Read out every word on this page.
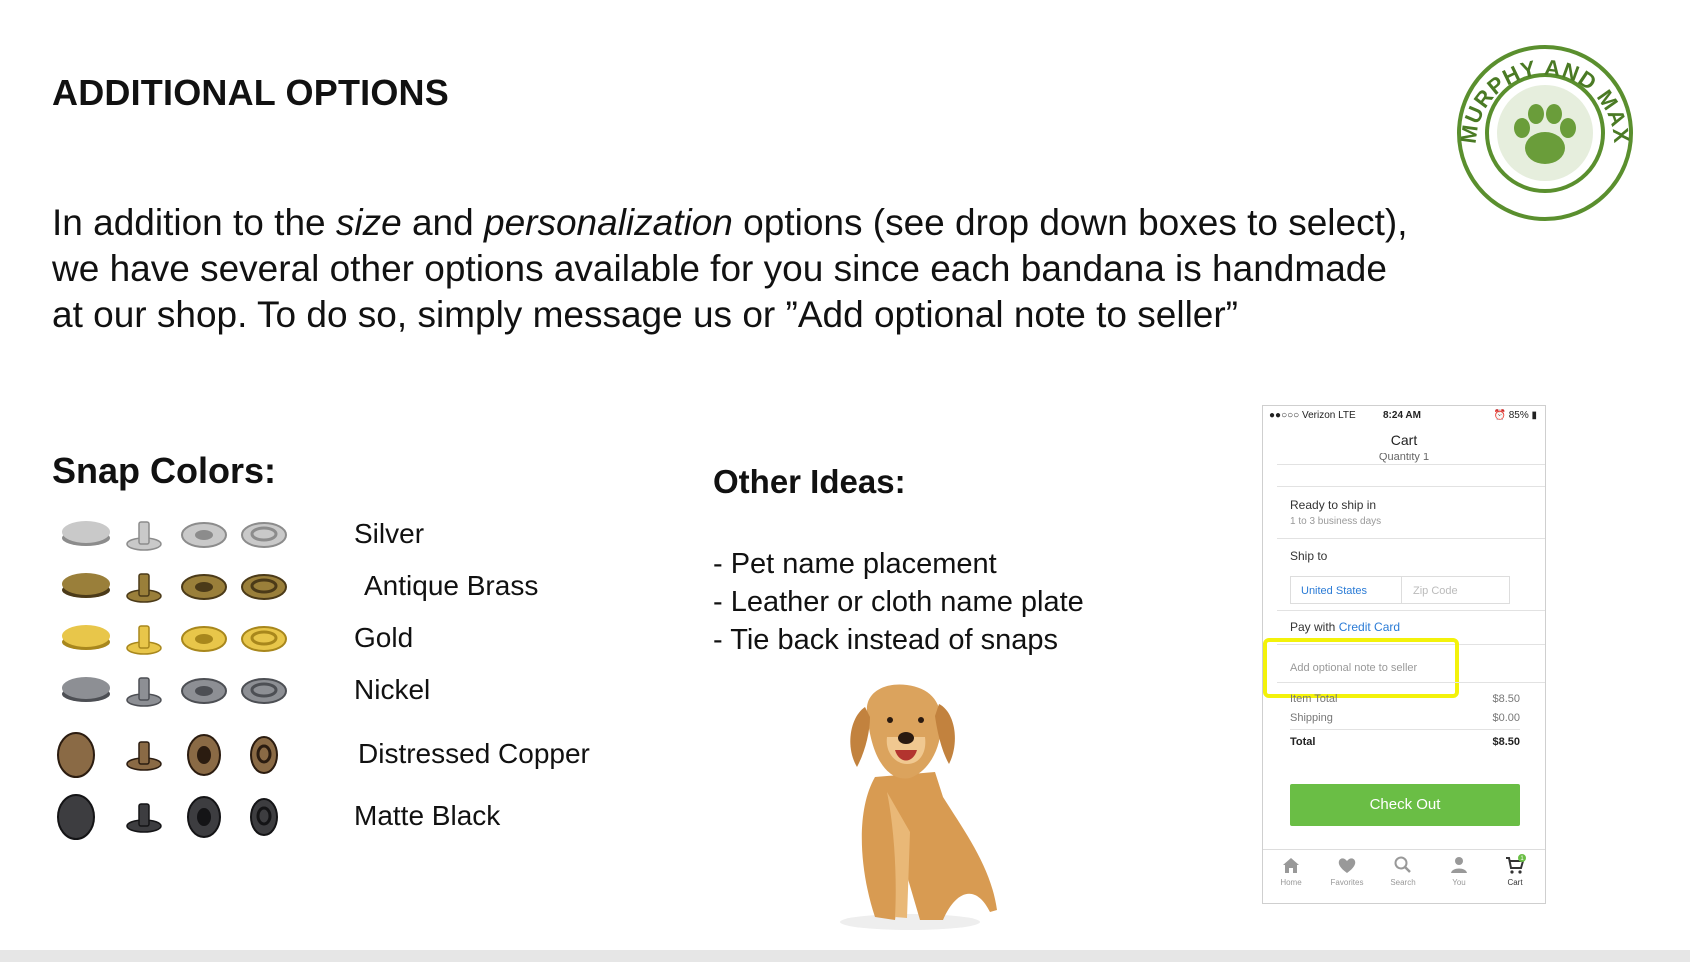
ADDITIONAL OPTIONS
In addition to the size and personalization options (see drop down boxes to select), we have several other options available for you since each bandana is handmade at our shop. To do so, simply message us or ”Add optional note to seller”
Snap Colors:
Silver
Antique Brass
Gold
Nickel
Distressed Copper
Matte Black
Other Ideas:
- Pet name placement
- Leather or cloth name plate
- Tie back instead of snaps
●●○○○ Verizon LTE	8:24 AM	⏰ 85% ▮
Cart
Quantity 1
Ready to ship in
1 to 3 business days
Ship to
United States	Zip Code
Pay with Credit Card
Add optional note to seller
Item Total	$8.50
Shipping	$0.00
Total	$8.50
Check Out
Home	Favorites	Search	You
1
Cart
MURPHY AND MAX
